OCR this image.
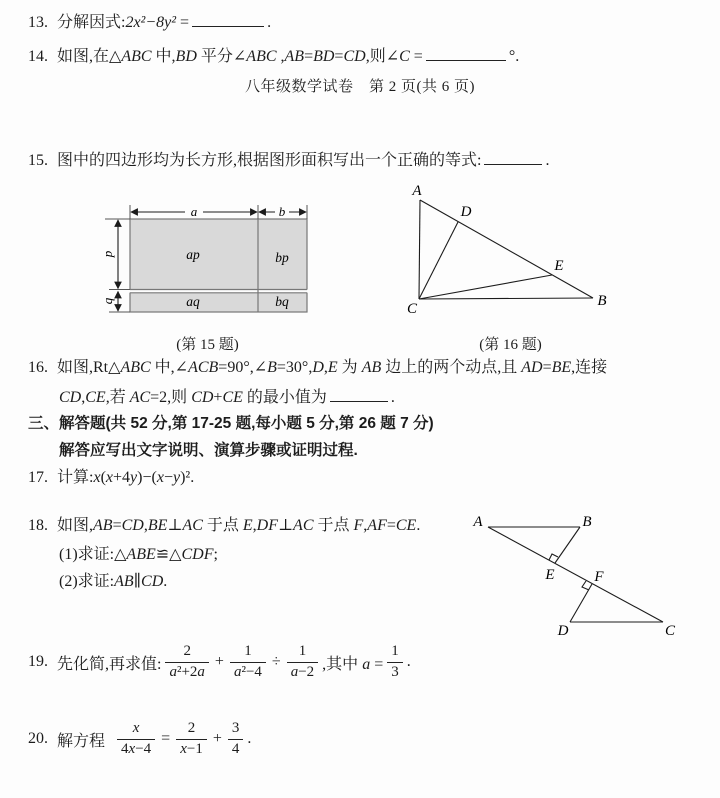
13. 分解因式:2x²−8y² =	.
14. 如图,在△ABC 中,BD 平分∠ABC ,AB=BD=CD,则∠C =	°.
八年级数学试卷　第 2 页(共 6 页)
15. 图中的四边形均为长方形,根据图形面积写出一个正确的等式:	.
a	b
p
q
ap	bp
aq	bq
(第 15 题)
A
D
E
C	B
(第 16 题)
16. 如图,Rt△ABC 中,∠ACB=90°,∠B=30°,D,E 为 AB 边上的两个动点,且 AD=BE,连接
CD,CE,若 AC=2,则 CD+CE 的最小值为	.
三、解答题(共 52 分,第 17-25 题,每小题 5 分,第 26 题 7 分)
解答应写出文字说明、演算步骤或证明过程.
17. 计算:x(x+4y)−(x−y)².
18. 如图,AB=CD,BE⊥AC 于点 E,DF⊥AC 于点 F,AF=CE.
(1)求证:△ ABE ≌△ CDF ;
(2)求证: AB ∥ CD .
A	B
E	F
D	C
19. 先化简,再求值: $\frac{2}{\text{a²+2a}} + \frac{1}{\text{a²−4}} \div \frac{1}{a-2}$ ,其中 $a = \frac{1}{3}$ .
20. 解方程 $\frac{x}{4x-4} = \frac{2}{x-1} + \frac{3}{4}$ .
